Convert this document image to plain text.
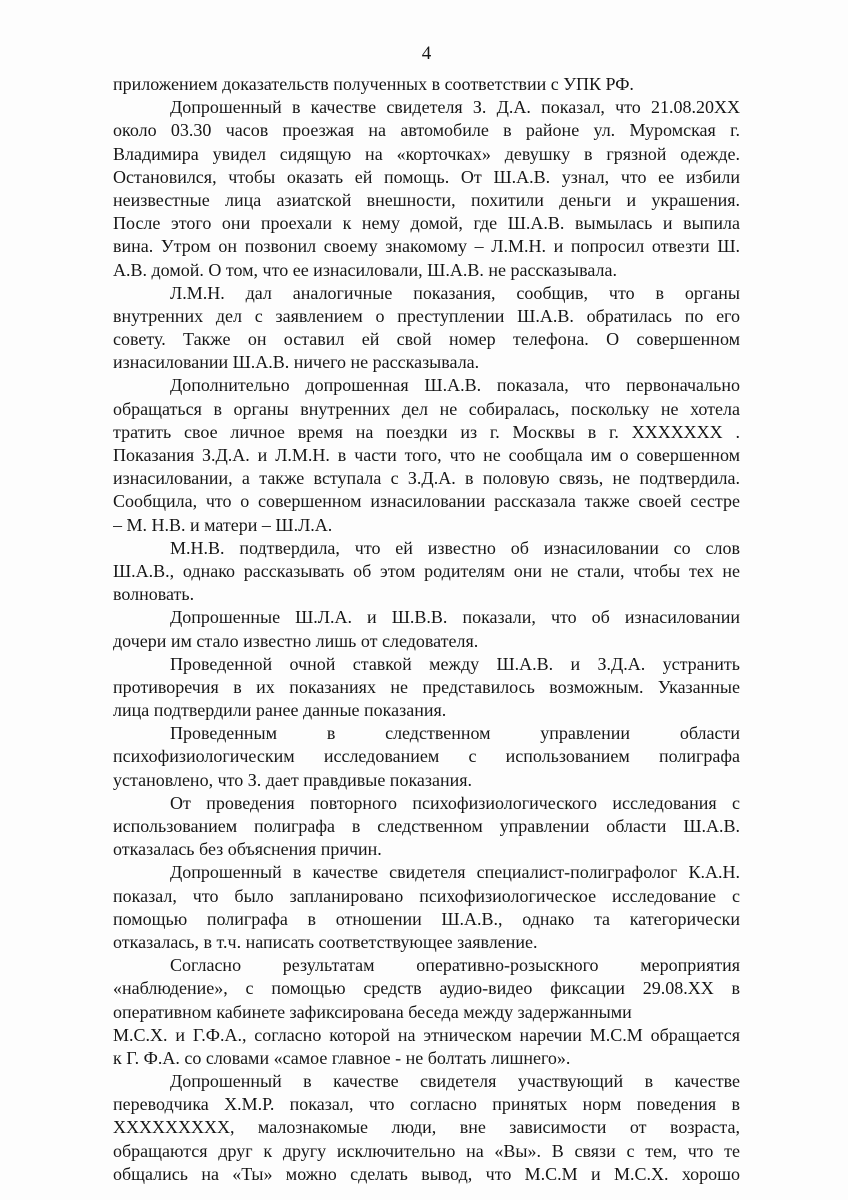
4
приложением доказательств полученных в соответствии с УПК РФ.
Допрошенный в качестве свидетеля З. Д.А. показал, что 21.08.20ХХ
около 03.30 часов проезжая на автомобиле в районе ул. Муромская г.
Владимира увидел сидящую на «корточках» девушку в грязной одежде.
Остановился, чтобы оказать ей помощь. От Ш.А.В. узнал, что ее избили
неизвестные лица азиатской внешности, похитили деньги и украшения.
После этого они проехали к нему домой, где Ш.А.В. вымылась и выпила
вина. Утром он позвонил своему знакомому – Л.М.Н. и попросил отвезти Ш.
А.В. домой. О том, что ее изнасиловали, Ш.А.В. не рассказывала.
Л.М.Н. дал аналогичные показания, сообщив, что в органы
внутренних дел с заявлением о преступлении Ш.А.В. обратилась по его
совету. Также он оставил ей свой номер телефона. О совершенном
изнасиловании Ш.А.В. ничего не рассказывала.
Дополнительно допрошенная Ш.А.В. показала, что первоначально
обращаться в органы внутренних дел не собиралась, поскольку не хотела
тратить свое личное время на поездки из г. Москвы в г. ХХХХХХХ .
Показания З.Д.А. и Л.М.Н. в части того, что не сообщала им о совершенном
изнасиловании, а также вступала с З.Д.А. в половую связь, не подтвердила.
Сообщила, что о совершенном изнасиловании рассказала также своей сестре
– М. Н.В. и матери – Ш.Л.А.
М.Н.В. подтвердила, что ей известно об изнасиловании со слов
Ш.А.В., однако рассказывать об этом родителям они не стали, чтобы тех не
волновать.
Допрошенные Ш.Л.А. и Ш.В.В. показали, что об изнасиловании
дочери им стало известно лишь от следователя.
Проведенной очной ставкой между Ш.А.В. и З.Д.А. устранить
противоречия в их показаниях не представилось возможным. Указанные
лица подтвердили ранее данные показания.
Проведенным в следственном управлении области
психофизиологическим исследованием с использованием полиграфа
установлено, что З. дает правдивые показания.
От проведения повторного психофизиологического исследования с
использованием полиграфа в следственном управлении области Ш.А.В.
отказалась без объяснения причин.
Допрошенный в качестве свидетеля специалист-полиграфолог К.А.Н.
показал, что было запланировано психофизиологическое исследование с
помощью полиграфа в отношении Ш.А.В., однако та категорически
отказалась, в т.ч. написать соответствующее заявление.
Согласно результатам оперативно-розыскного мероприятия
«наблюдение», с помощью средств аудио-видео фиксации 29.08.ХХ в
оперативном кабинете зафиксирована беседа между задержанными
М.С.Х. и Г.Ф.А., согласно которой на этническом наречии М.С.М обращается
к Г. Ф.А. со словами «самое главное - не болтать лишнего».
Допрошенный в качестве свидетеля участвующий в качестве
переводчика Х.М.Р. показал, что согласно принятых норм поведения в
ХХХХХХХХХ, малознакомые люди, вне зависимости от возраста,
обращаются друг к другу исключительно на «Вы». В связи с тем, что те
общались на «Ты» можно сделать вывод, что М.С.М и М.С.Х. хорошо
